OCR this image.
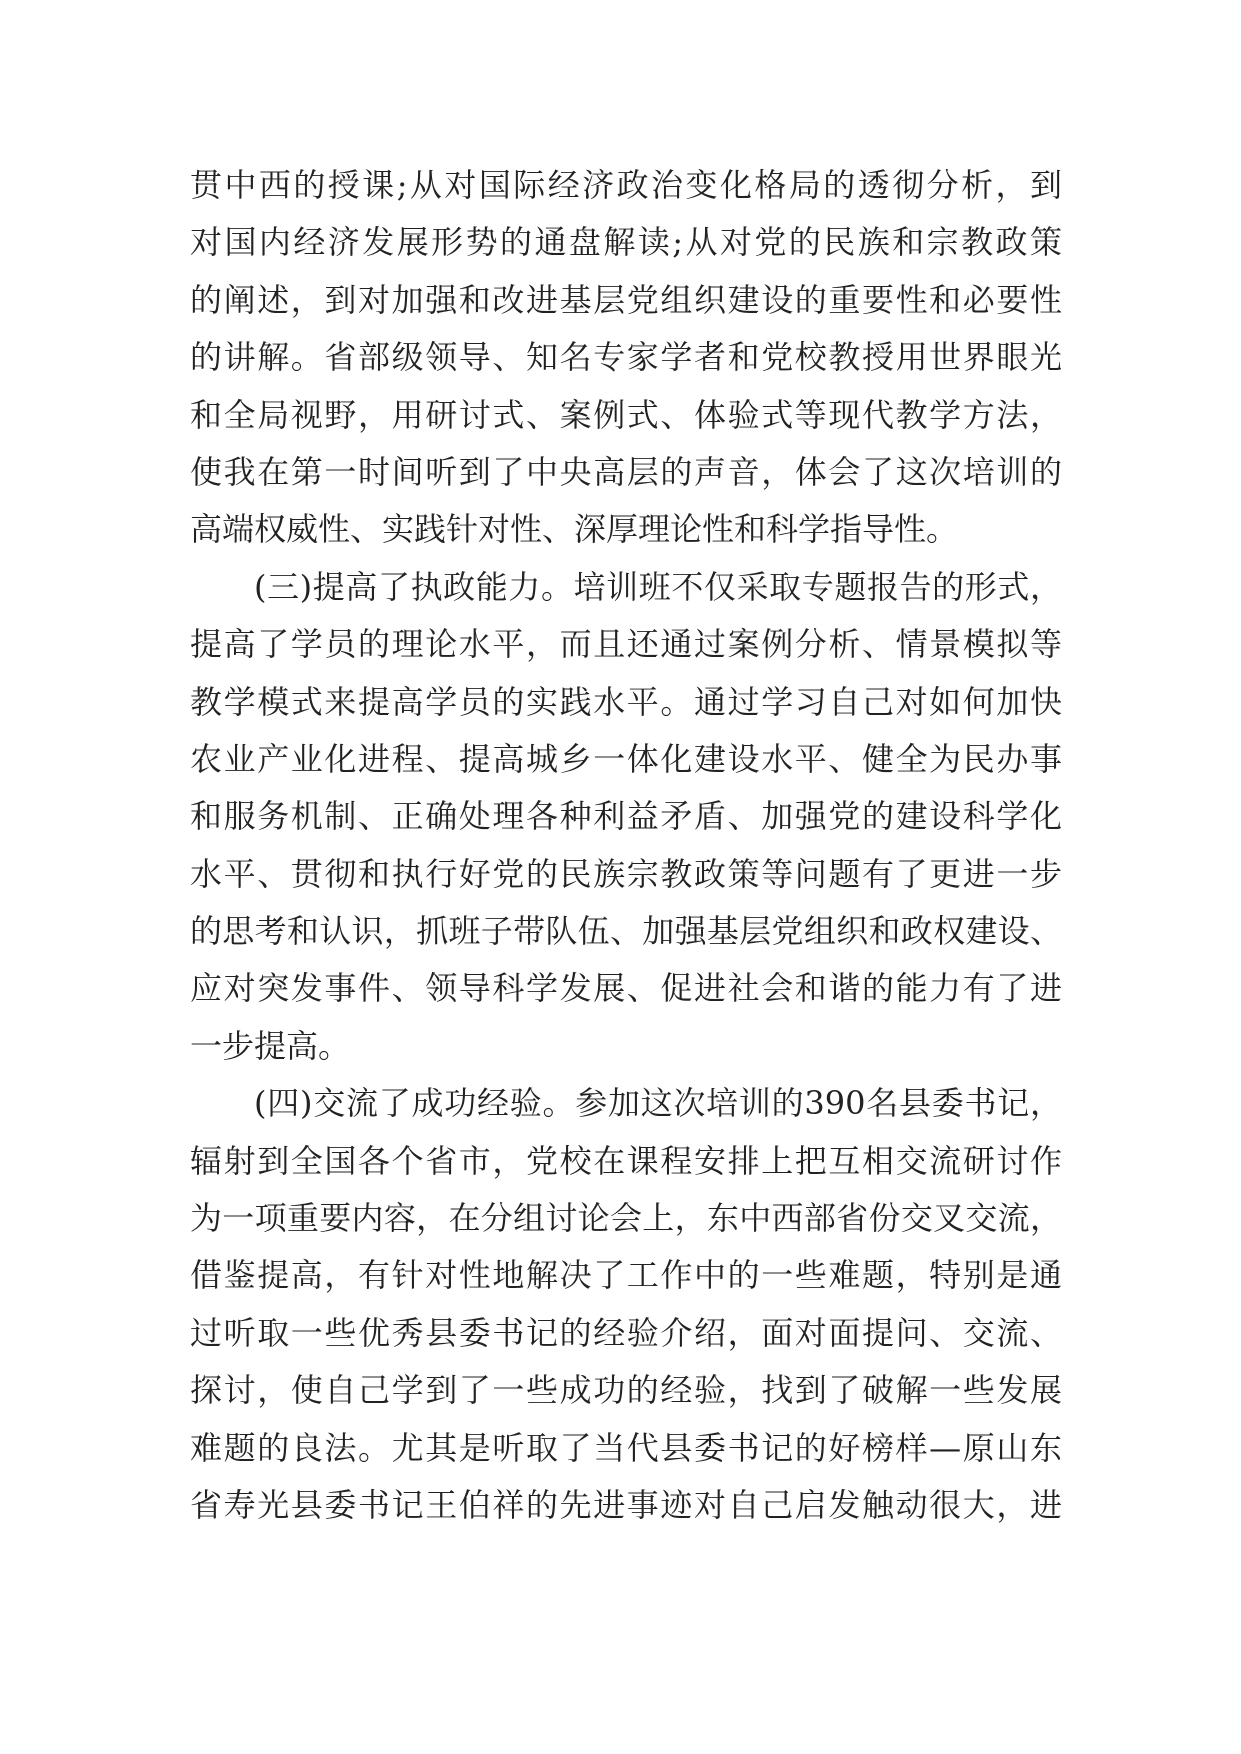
贯中西的授课;从对国际经济政治变化格局的透彻分析，到
对国内经济发展形势的通盘解读;从对党的民族和宗教政策
的阐述，到对加强和改进基层党组织建设的重要性和必要性
的讲解。省部级领导、知名专家学者和党校教授用世界眼光
和全局视野，用研讨式、案例式、体验式等现代教学方法，
使我在第一时间听到了中央高层的声音，体会了这次培训的
高端权威性、实践针对性、深厚理论性和科学指导性。
(三)提高了执政能力。培训班不仅采取专题报告的形式，
提高了学员的理论水平，而且还通过案例分析、情景模拟等
教学模式来提高学员的实践水平。通过学习自己对如何加快
农业产业化进程、提高城乡一体化建设水平、健全为民办事
和服务机制、正确处理各种利益矛盾、加强党的建设科学化
水平、贯彻和执行好党的民族宗教政策等问题有了更进一步
的思考和认识，抓班子带队伍、加强基层党组织和政权建设、
应对突发事件、领导科学发展、促进社会和谐的能力有了进
一步提高。
(四)交流了成功经验。参加这次培训的390名县委书记，
辐射到全国各个省市，党校在课程安排上把互相交流研讨作
为一项重要内容，在分组讨论会上，东中西部省份交叉交流，
借鉴提高，有针对性地解决了工作中的一些难题，特别是通
过听取一些优秀县委书记的经验介绍，面对面提问、交流、
探讨，使自己学到了一些成功的经验，找到了破解一些发展
难题的良法。尤其是听取了当代县委书记的好榜样—原山东
省寿光县委书记王伯祥的先进事迹对自己启发触动很大，进
